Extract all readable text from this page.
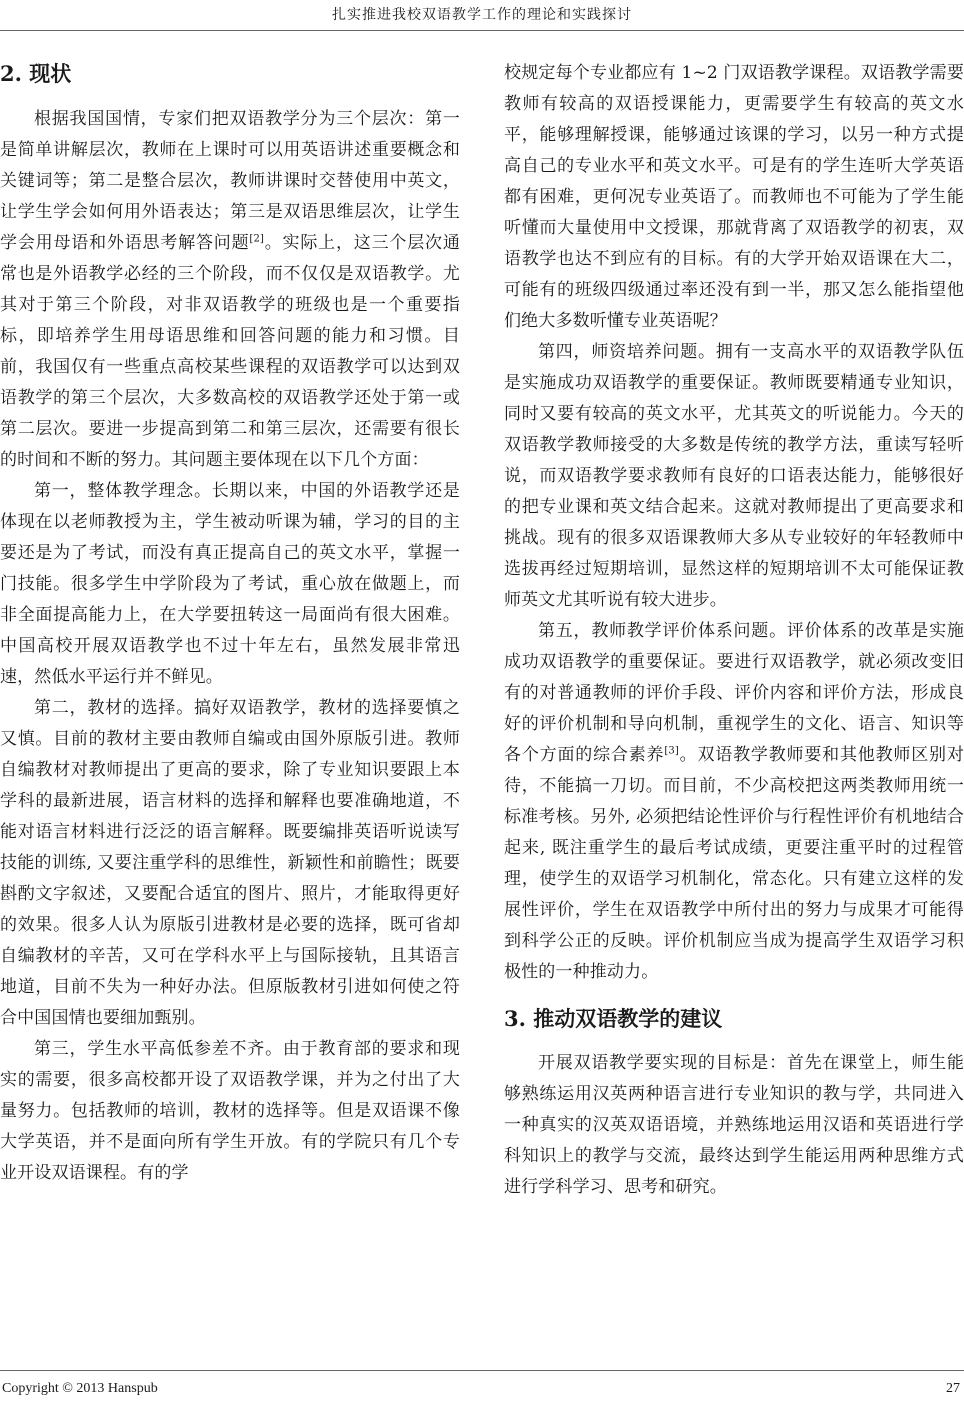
扎实推进我校双语教学工作的理论和实践探讨
2. 现状

根据我国国情，专家们把双语教学分为三个层次：第一是简单讲解层次，教师在上课时可以用英语讲述重要概念和关键词等；第二是整合层次，教师讲课时交替使用中英文，让学生学会如何用外语表达；第三是双语思维层次，让学生学会用母语和外语思考解答问题[2]。实际上，这三个层次通常也是外语教学必经的三个阶段，而不仅仅是双语教学。尤其对于第三个阶段，对非双语教学的班级也是一个重要指标，即培养学生用母语思维和回答问题的能力和习惯。目前，我国仅有一些重点高校某些课程的双语教学可以达到双语教学的第三个层次，大多数高校的双语教学还处于第一或第二层次。要进一步提高到第二和第三层次，还需要有很长的时间和不断的努力。其问题主要体现在以下几个方面：

第一，整体教学理念。长期以来，中国的外语教学还是体现在以老师教授为主，学生被动听课为辅，学习的目的主要还是为了考试，而没有真正提高自己的英文水平，掌握一门技能。很多学生中学阶段为了考试，重心放在做题上，而非全面提高能力上，在大学要扭转这一局面尚有很大困难。中国高校开展双语教学也不过十年左右，虽然发展非常迅速，然低水平运行并不鲜见。

第二，教材的选择。搞好双语教学，教材的选择要慎之又慎。目前的教材主要由教师自编或由国外原版引进。教师自编教材对教师提出了更高的要求，除了专业知识要跟上本学科的最新进展，语言材料的选择和解释也要准确地道，不能对语言材料进行泛泛的语言解释。既要编排英语听说读写技能的训练, 又要注重学科的思维性，新颖性和前瞻性；既要斟酌文字叙述，又要配合适宜的图片、照片，才能取得更好的效果。很多人认为原版引进教材是必要的选择，既可省却自编教材的辛苦，又可在学科水平上与国际接轨，且其语言地道，目前不失为一种好办法。但原版教材引进如何使之符合中国国情也要细加甄别。

第三，学生水平高低参差不齐。由于教育部的要求和现实的需要，很多高校都开设了双语教学课，并为之付出了大量努力。包括教师的培训，教材的选择等。但是双语课不像大学英语，并不是面向所有学生开放。有的学院只有几个专业开设双语课程。有的学

校规定每个专业都应有 1~2 门双语教学课程。双语教学需要教师有较高的双语授课能力，更需要学生有较高的英文水平，能够理解授课，能够通过该课的学习，以另一种方式提高自己的专业水平和英文水平。可是有的学生连听大学英语都有困难，更何况专业英语了。而教师也不可能为了学生能听懂而大量使用中文授课，那就背离了双语教学的初衷，双语教学也达不到应有的目标。有的大学开始双语课在大二，可能有的班级四级通过率还没有到一半，那又怎么能指望他们绝大多数听懂专业英语呢？

第四，师资培养问题。拥有一支高水平的双语教学队伍是实施成功双语教学的重要保证。教师既要精通专业知识，同时又要有较高的英文水平，尤其英文的听说能力。今天的双语教学教师接受的大多数是传统的教学方法，重读写轻听说，而双语教学要求教师有良好的口语表达能力，能够很好的把专业课和英文结合起来。这就对教师提出了更高要求和挑战。现有的很多双语课教师大多从专业较好的年轻教师中选拔再经过短期培训，显然这样的短期培训不太可能保证教师英文尤其听说有较大进步。

第五，教师教学评价体系问题。评价体系的改革是实施成功双语教学的重要保证。要进行双语教学，就必须改变旧有的对普通教师的评价手段、评价内容和评价方法，形成良好的评价机制和导向机制，重视学生的文化、语言、知识等各个方面的综合素养[3]。双语教学教师要和其他教师区别对待，不能搞一刀切。而目前，不少高校把这两类教师用统一标准考核。另外, 必须把结论性评价与行程性评价有机地结合起来, 既注重学生的最后考试成绩，更要注重平时的过程管理，使学生的双语学习机制化，常态化。只有建立这样的发展性评价，学生在双语教学中所付出的努力与成果才可能得到科学公正的反映。评价机制应当成为提高学生双语学习积极性的一种推动力。

3. 推动双语教学的建议

开展双语教学要实现的目标是：首先在课堂上，师生能够熟练运用汉英两种语言进行专业知识的教与学，共同进入一种真实的汉英双语语境，并熟练地运用汉语和英语进行学科知识上的教学与交流，最终达到学生能运用两种思维方式进行学科学习、思考和研究。

Copyright © 2013 Hanspub	27
